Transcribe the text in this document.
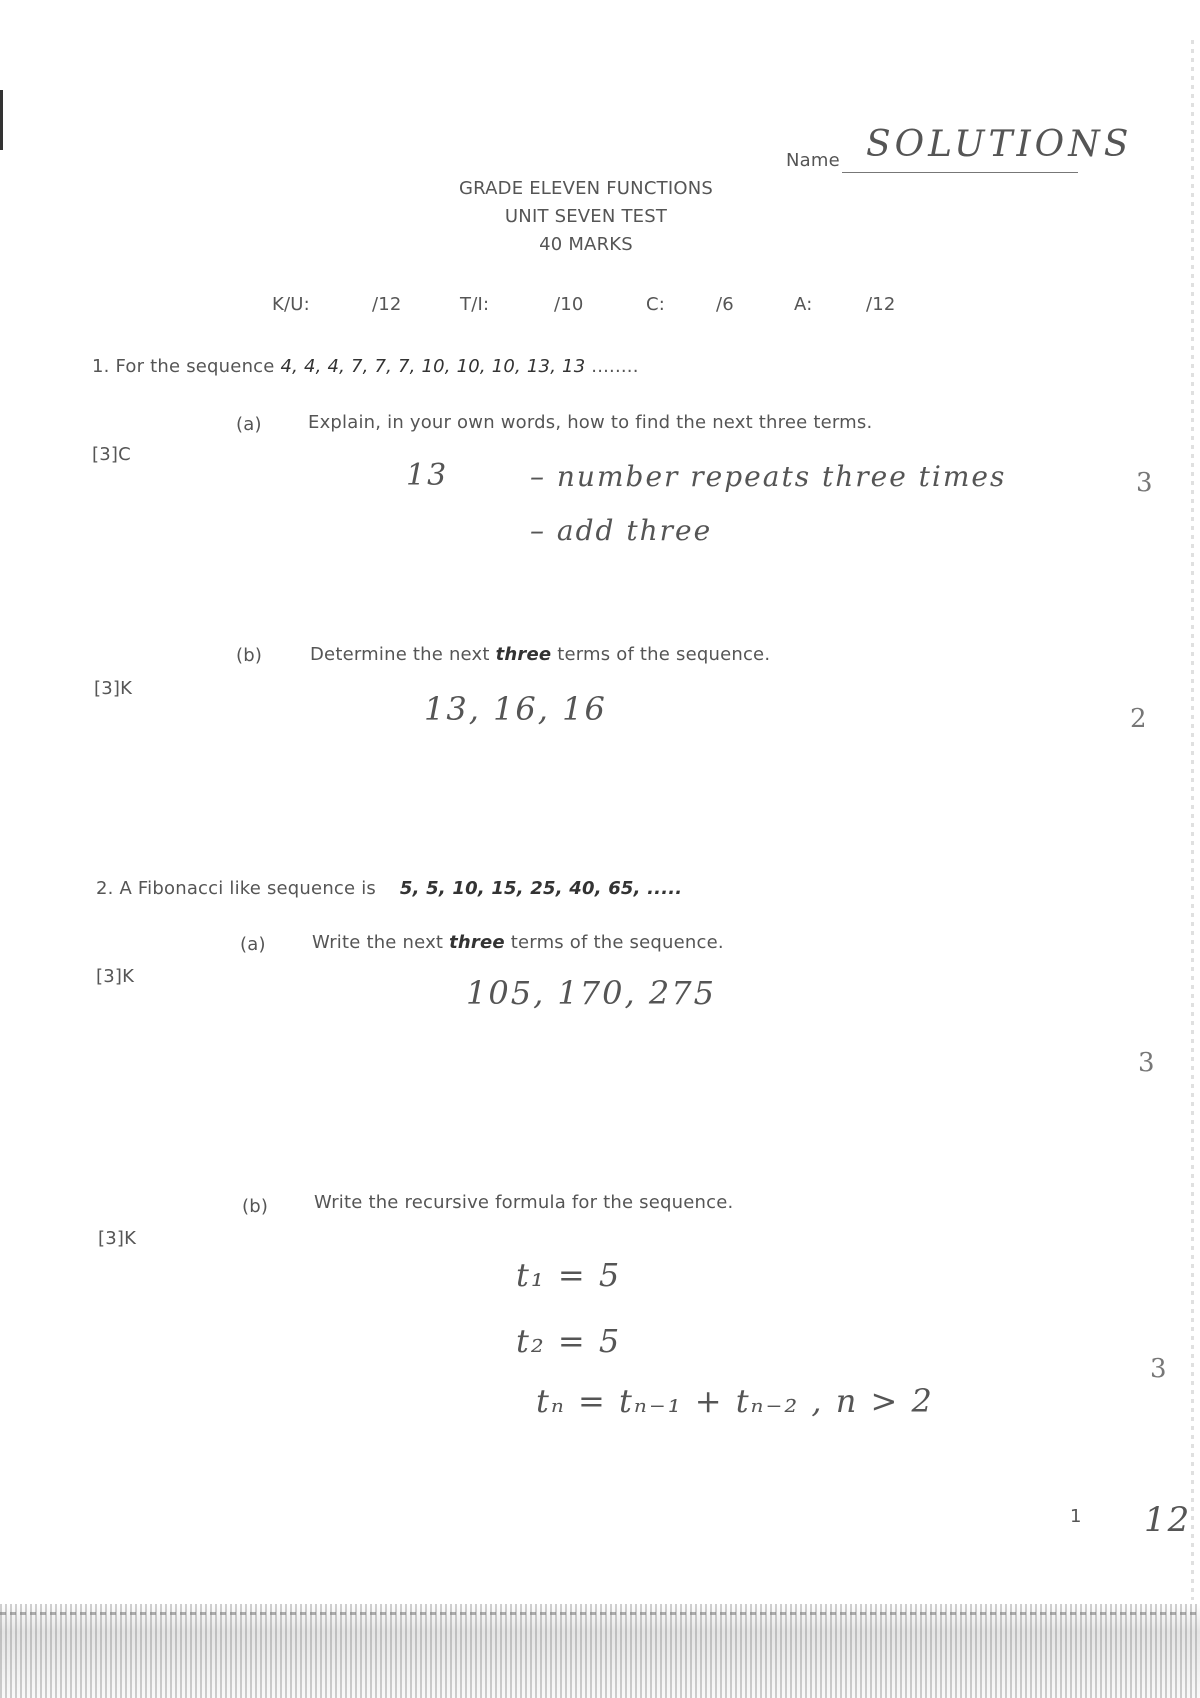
Name SOLUTIONS
GRADE ELEVEN FUNCTIONS
UNIT SEVEN TEST
40 MARKS
K/U:	/12	T/I:	/10	C:	/6	A:	/12
1. For the sequence 4, 4, 4, 7, 7, 7, 10, 10, 10, 13, 13 ........
(a)	Explain, in your own words, how to find the next three terms.
[3]C
13	– number repeats three times
– add three
3
(b)	Determine the next three terms of the sequence.
[3]K
13, 16, 16	2
2. A Fibonacci like sequence is 5, 5, 10, 15, 25, 40, 65, .....
(a)	Write the next three terms of the sequence.
[3]K	105, 170, 275
3
(b)	Write the recursive formula for the sequence.
[3]K
t₁ = 5
t₂ = 5
tₙ = tₙ₋₁ + tₙ₋₂ , n > 2
3
1 12
